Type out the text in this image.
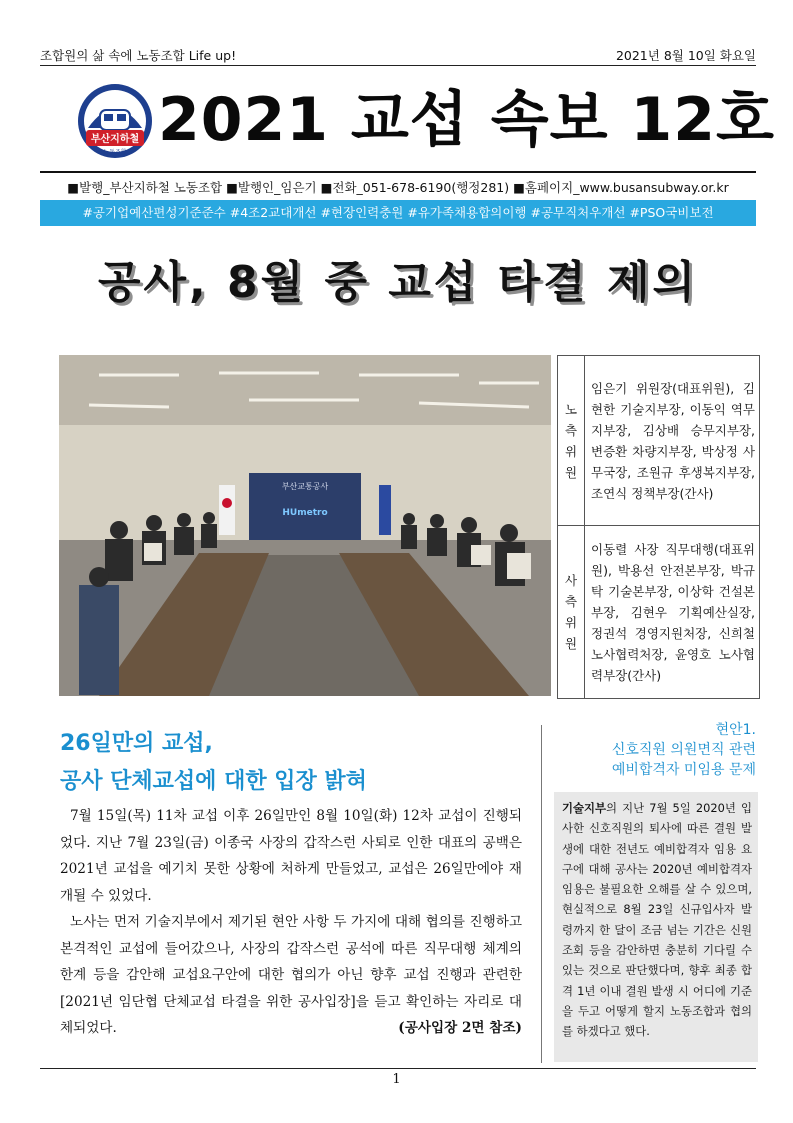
조합원의 삶 속에 노동조합 Life up!	2021년 8월 10일 화요일
부산지하철
노동조합 2021 교섭 속보 12호
■발행_부산지하철 노동조합 ■발행인_임은기 ■전화_051-678-6190(행정281) ■홈페이지_www.busansubway.or.kr
#공기업예산편성기준준수 #4조2교대개선 #현장인력충원 #유가족채용합의이행 #공무직처우개선 #PSO국비보전
공사, 8월 중 교섭 타결 제의
부산교통공사
HUmetro
노측위원	임은기 위원장(대표위원), 김현한 기술지부장, 이동익 역무지부장, 김상배 승무지부장, 변증환 차량지부장, 박상정 사무국장, 조원규 후생복지부장, 조연식 정책부장(간사)
사측위원	이동렬 사장 직무대행(대표위원), 박용선 안전본부장, 박규탁 기술본부장, 이상학 건설본부장, 김현우 기획예산실장, 정권석 경영지원처장, 신희철 노사협력처장, 윤영호 노사협력부장(간사)
26일만의 교섭,
공사 단체교섭에 대한 입장 밝혀

7월 15일(목) 11차 교섭 이후 26일만인 8월 10일(화) 12차 교섭이 진행되었다. 지난 7월 23일(금) 이종국 사장의 갑작스런 사퇴로 인한 대표의 공백은 2021년 교섭을 예기치 못한 상황에 처하게 만들었고, 교섭은 26일만에야 재개될 수 있었다.

노사는 먼저 기술지부에서 제기된 현안 사항 두 가지에 대해 협의를 진행하고 본격적인 교섭에 들어갔으나, 사장의 갑작스런 공석에 따른 직무대행 체계의 한계 등을 감안해 교섭요구안에 대한 협의가 아닌 향후 교섭 진행과 관련한 [2021년 임단협 단체교섭 타결을 위한 공사입장]을 듣고 확인하는 자리로 대체되었다.	(공사입장 2면 참조)

현안1.
신호직원 의원면직 관련
예비합격자 미임용 문제
기술지부의 지난 7월 5일 2020년 입사한 신호직원의 퇴사에 따른 결원 발생에 대한 전년도 예비합격자 임용 요구에 대해 공사는 2020년 예비합격자 임용은 불필요한 오해를 살 수 있으며, 현실적으로 8월 23일 신규입사자 발령까지 한 달이 조금 넘는 기간은 신원조회 등을 감안하면 충분히 기다릴 수 있는 것으로 판단했다며, 향후 최종 합격 1년 이내 결원 발생 시 어디에 기준을 두고 어떻게 할지 노동조합과 협의를 하겠다고 했다.
1
